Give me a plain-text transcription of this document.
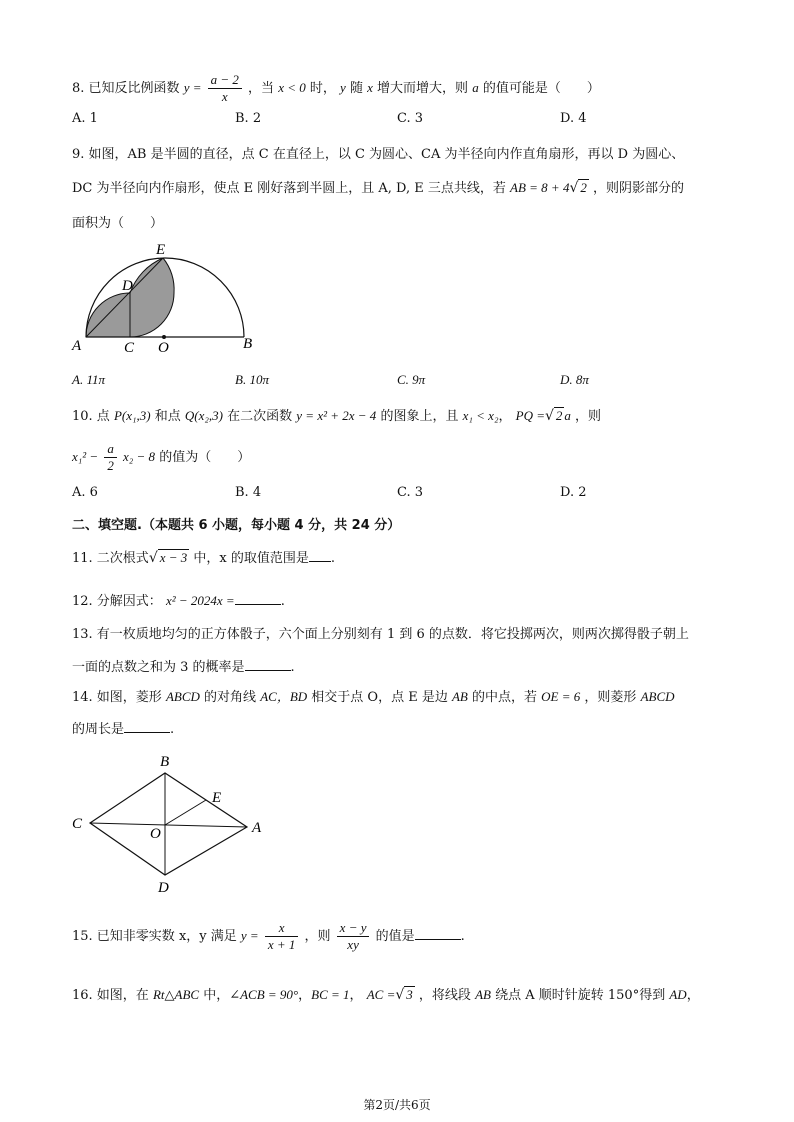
8. 已知反比例函数 $y = \frac{a - 2}{x}$ ，当 x < 0 时， y 随 x 增大而增大，则 a 的值可能是（　　）
A. 1	B. 2	C. 3	D. 4
9. 如图，AB 是半圆的直径，点 C 在直径上，以 C 为圆心、CA 为半径向内作直角扇形，再以 D 为圆心、
DC 为半径向内作扇形，使点 E 刚好落到半圆上，且 A, D, E 三点共线，若 AB = 8 + 4√ 2 ，则阴影部分的
面积为（　　）
E
D
A	C O	B
A. 11π	B. 10π	C. 9π	D. 8π
10. 点 P(x₁,3) 和点 Q(x₂,3) 在二次函数 y = x² + 2x − 4 的图象上，且 x₁ < x₂， PQ =√ 2 a ，则
$x_1^2 - \frac{a}{2} x_2 - 8$ 的值为（　　）
A. 6	B. 4	C. 3	D. 2
二、填空题.（本题共 6 小题，每小题 4 分，共 24 分）
11. 二次根式√ x − 3 中，x 的取值范围是 .
12. 分解因式： x² − 2024x =	.
13. 有一枚质地均匀的正方体骰子，六个面上分别刻有 1 到 6 的点数．将它投掷两次，则两次掷得骰子朝上
一面的点数之和为 3 的概率是	.
14. 如图，菱形 ABCD 的对角线 AC，BD 相交于点 O，点 E 是边 AB 的中点，若 OE = 6 ，则菱形 ABCD
的周长是	.
B
E
C
O	A
D
15. 已知非零实数 x，y 满足 $y = \frac{x}{x + 1}$ ，则 $\frac{x - y}{xy}$ 的值是	.
16. 如图，在 Rt△ABC 中，∠ACB = 90°，BC = 1， AC =√ 3 ，将线段 AB 绕点 A 顺时针旋转 150°得到 AD，
第2页/共6页
